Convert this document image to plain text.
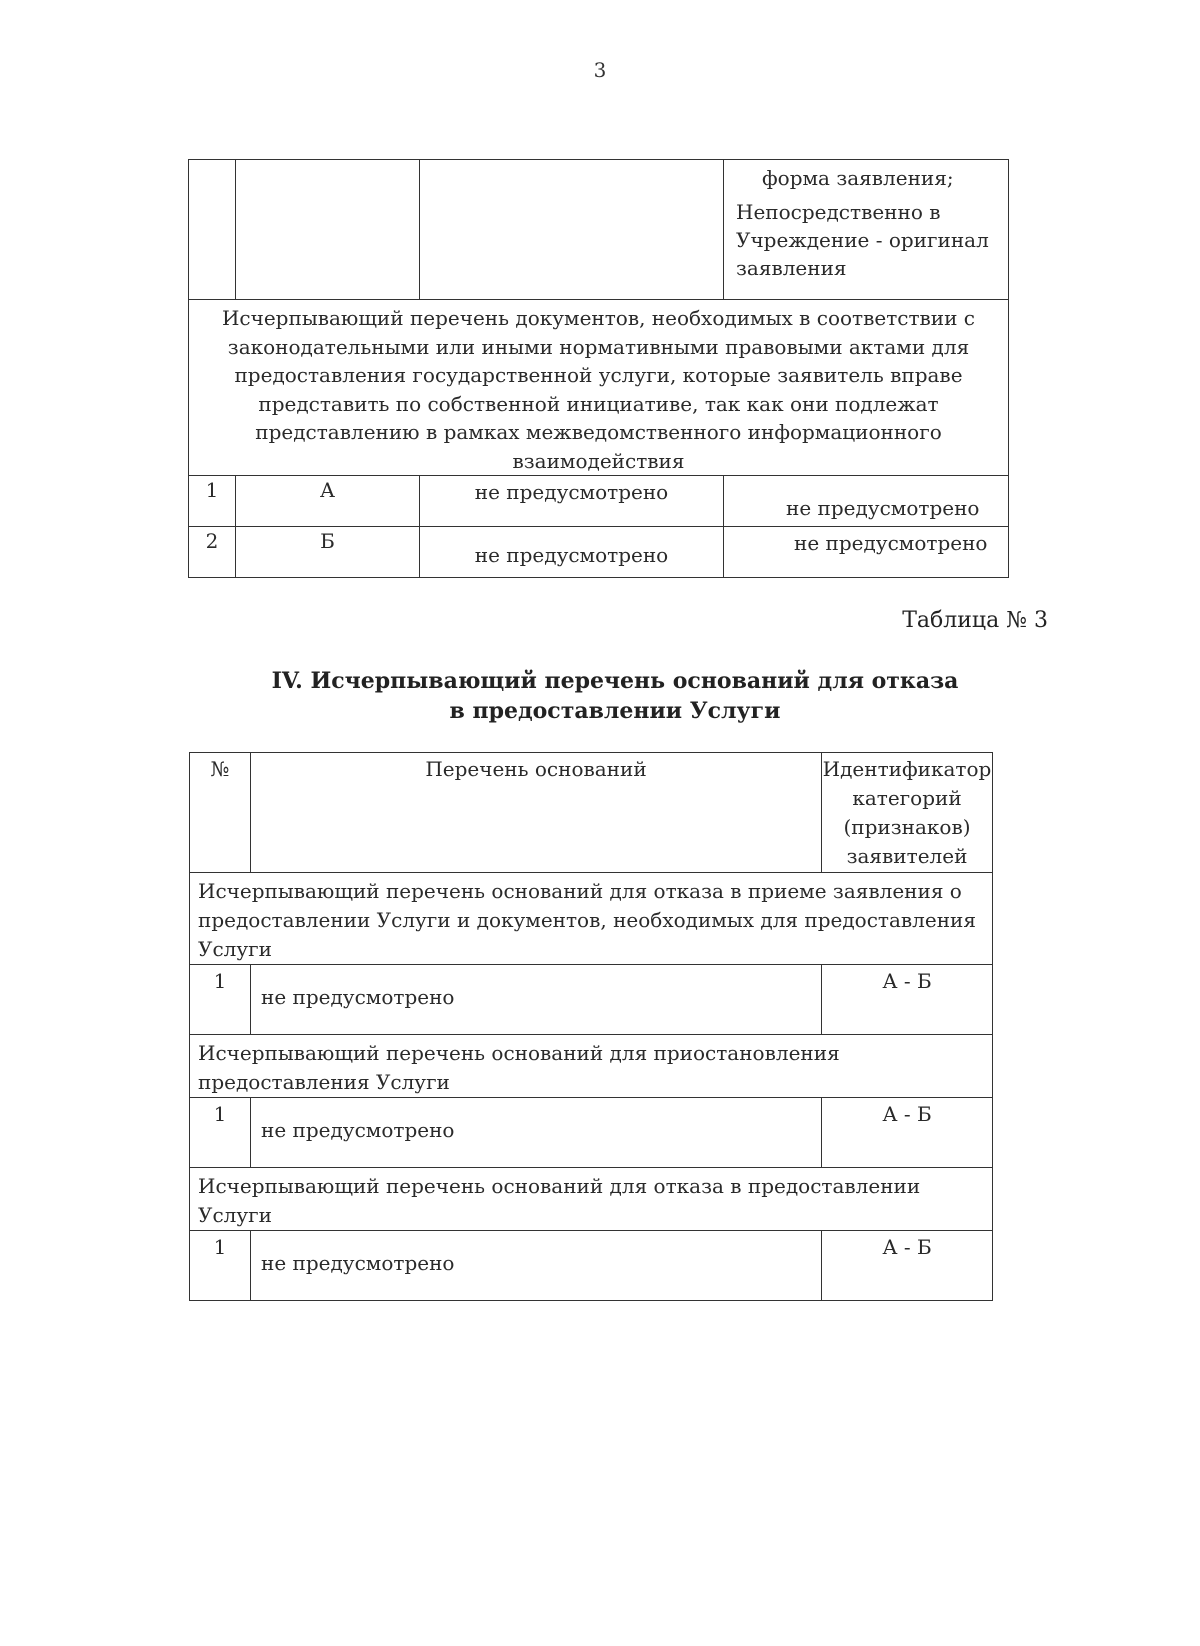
3

			форма заявления;
Непосредственно в Учреждение - оригинал заявления

Исчерпывающий перечень документов, необходимых в соответствии с законодательными или иными нормативными правовыми актами для предоставления государственной услуги, которые заявитель вправе представить по собственной инициативе, так как они подлежат представлению в рамках межведомственного информационного взаимодействия			
1	А	не предусмотрено	не предусмотрено

2	Б	не предусмотрено	не предусмотрено
Таблица № 3
IV. Исчерпывающий перечень оснований для отказа
в предоставлении Услуги
№	Перечень оснований	Идентификатор категорий (признаков) заявителей
Исчерпывающий перечень оснований для отказа в приеме заявления о предоставлении Услуги и документов, необходимых для предоставления Услуги		
1	не предусмотрено	А - Б
Исчерпывающий перечень оснований для приостановления предоставления Услуги		
1	не предусмотрено	А - Б
Исчерпывающий перечень оснований для отказа в предоставлении Услуги		
1	не предусмотрено	А - Б
